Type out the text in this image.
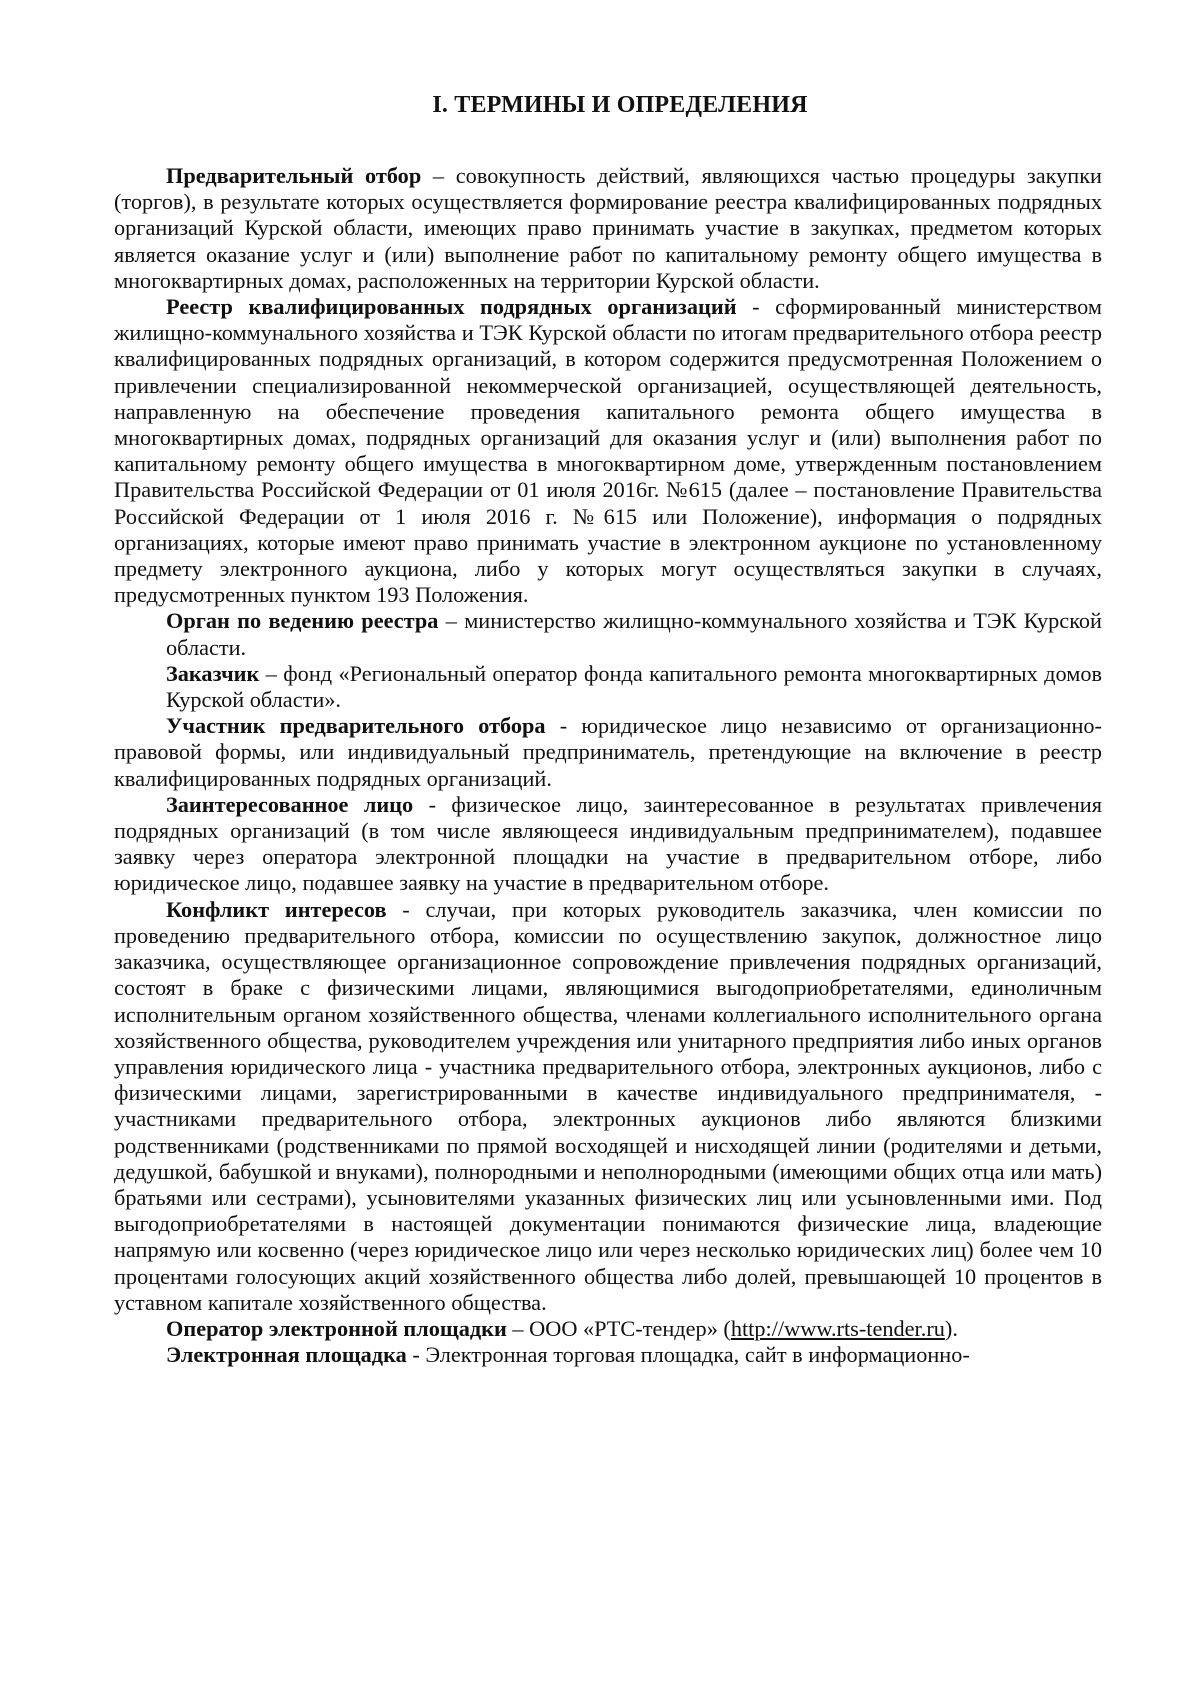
I. ТЕРМИНЫ И ОПРЕДЕЛЕНИЯ

Предварительный отбор – совокупность действий, являющихся частью процедуры закупки (торгов), в результате которых осуществляется формирование реестра квалифицированных подрядных организаций Курской области, имеющих право принимать участие в закупках, предметом которых является оказание услуг и (или) выполнение работ по капитальному ремонту общего имущества в многоквартирных домах, расположенных на территории Курской области.

Реестр квалифицированных подрядных организаций - сформированный министерством жилищно-коммунального хозяйства и ТЭК Курской области по итогам предварительного отбора реестр квалифицированных подрядных организаций, в котором содержится предусмотренная Положением о привлечении специализированной некоммерческой организацией, осуществляющей деятельность, направленную на обеспечение проведения капитального ремонта общего имущества в многоквартирных домах, подрядных организаций для оказания услуг и (или) выполнения работ по капитальному ремонту общего имущества в многоквартирном доме, утвержденным постановлением Правительства Российской Федерации от 01 июля 2016г. №615 (далее – постановление Правительства Российской Федерации от 1 июля 2016 г. №615 или Положение), информация о подрядных организациях, которые имеют право принимать участие в электронном аукционе по установленному предмету электронного аукциона, либо у которых могут осуществляться закупки в случаях, предусмотренных пунктом 193 Положения.

Орган по ведению реестра – министерство жилищно-коммунального хозяйства и ТЭК Курской области.

Заказчик – фонд «Региональный оператор фонда капитального ремонта многоквартирных домов Курской области».

Участник предварительного отбора - юридическое лицо независимо от организационно-правовой формы, или индивидуальный предприниматель, претендующие на включение в реестр квалифицированных подрядных организаций.

Заинтересованное лицо - физическое лицо, заинтересованное в результатах привлечения подрядных организаций (в том числе являющееся индивидуальным предпринимателем), подавшее заявку через оператора электронной площадки на участие в предварительном отборе, либо юридическое лицо, подавшее заявку на участие в предварительном отборе.

Конфликт интересов - случаи, при которых руководитель заказчика, член комиссии по проведению предварительного отбора, комиссии по осуществлению закупок, должностное лицо заказчика, осуществляющее организационное сопровождение привлечения подрядных организаций, состоят в браке с физическими лицами, являющимися выгодоприобретателями, единоличным исполнительным органом хозяйственного общества, членами коллегиального исполнительного органа хозяйственного общества, руководителем учреждения или унитарного предприятия либо иных органов управления юридического лица - участника предварительного отбора, электронных аукционов, либо с физическими лицами, зарегистрированными в качестве индивидуального предпринимателя, - участниками предварительного отбора, электронных аукционов либо являются близкими родственниками (родственниками по прямой восходящей и нисходящей линии (родителями и детьми, дедушкой, бабушкой и внуками), полнородными и неполнородными (имеющими общих отца или мать) братьями или сестрами), усыновителями указанных физических лиц или усыновленными ими. Под выгодоприобретателями в настоящей документации понимаются физические лица, владеющие напрямую или косвенно (через юридическое лицо или через несколько юридических лиц) более чем 10 процентами голосующих акций хозяйственного общества либо долей, превышающей 10 процентов в уставном капитале хозяйственного общества.

Оператор электронной площадки – ООО «РТС-тендер» (http://www.rts-tender.ru).

Электронная площадка - Электронная торговая площадка, сайт в информационно-
